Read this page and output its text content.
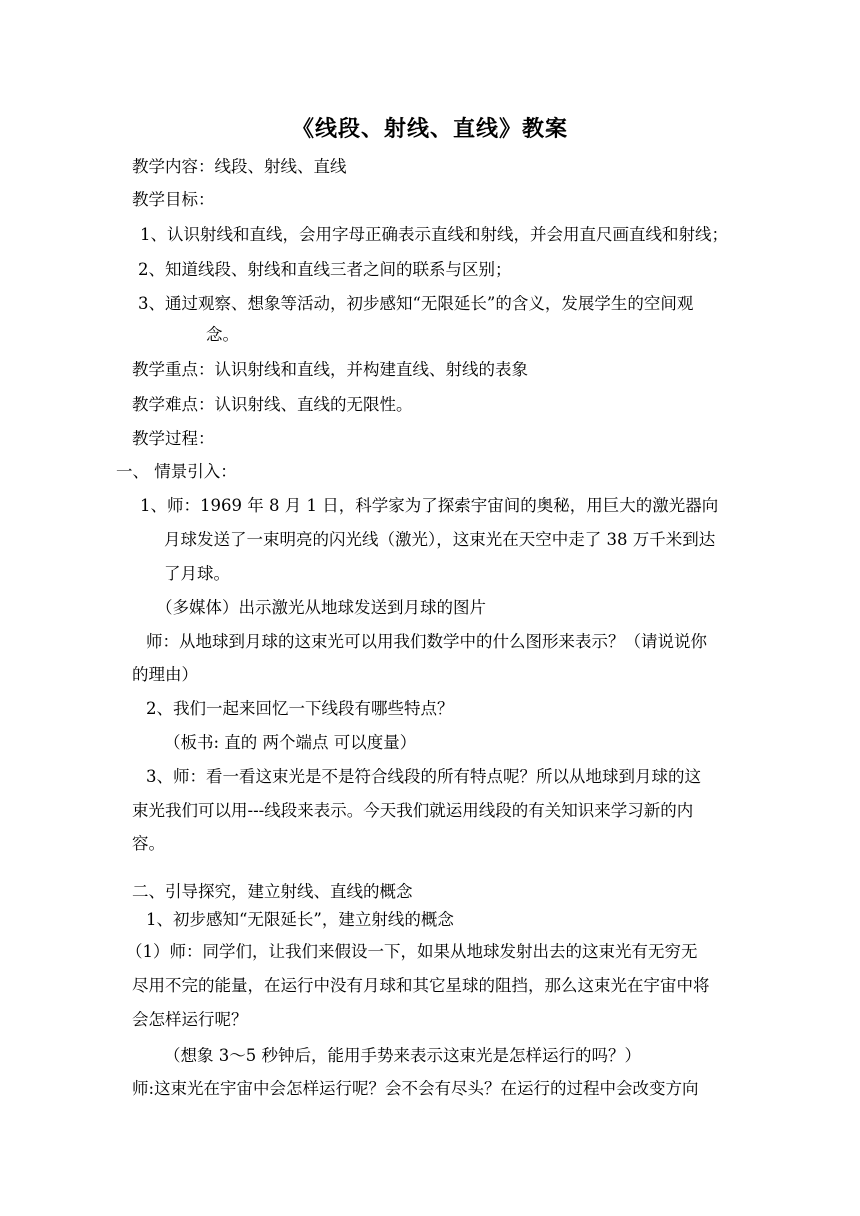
《线段、射线、直线》教案
教学内容：线段、射线、直线
教学目标：
1、认识射线和直线，会用字母正确表示直线和射线，并会用直尺画直线和射线；
2、知道线段、射线和直线三者之间的联系与区别；
3、通过观察、想象等活动，初步感知“无限延长”的含义，发展学生的空间观
念。
教学重点：认识射线和直线，并构建直线、射线的表象
教学难点：认识射线、直线的无限性。
教学过程：
一、 情景引入：
1、师：1969 年 8 月 1 日，科学家为了探索宇宙间的奥秘，用巨大的激光器向
月球发送了一束明亮的闪光线（激光），这束光在天空中走了 38 万千米到达
了月球。
（多媒体）出示激光从地球发送到月球的图片
师：从地球到月球的这束光可以用我们数学中的什么图形来表示？（请说说你
的理由）
2、我们一起来回忆一下线段有哪些特点？
（板书: 直的 两个端点 可以度量）
3、师：看一看这束光是不是符合线段的所有特点呢？所以从地球到月球的这
束光我们可以用---线段来表示。今天我们就运用线段的有关知识来学习新的内
容。
二、引导探究，建立射线、直线的概念
1、初步感知“无限延长”，建立射线的概念
（1）师：同学们，让我们来假设一下，如果从地球发射出去的这束光有无穷无
尽用不完的能量，在运行中没有月球和其它星球的阻挡，那么这束光在宇宙中将
会怎样运行呢？
（想象 3～5 秒钟后，能用手势来表示这束光是怎样运行的吗？）
师:这束光在宇宙中会怎样运行呢？会不会有尽头？在运行的过程中会改变方向
